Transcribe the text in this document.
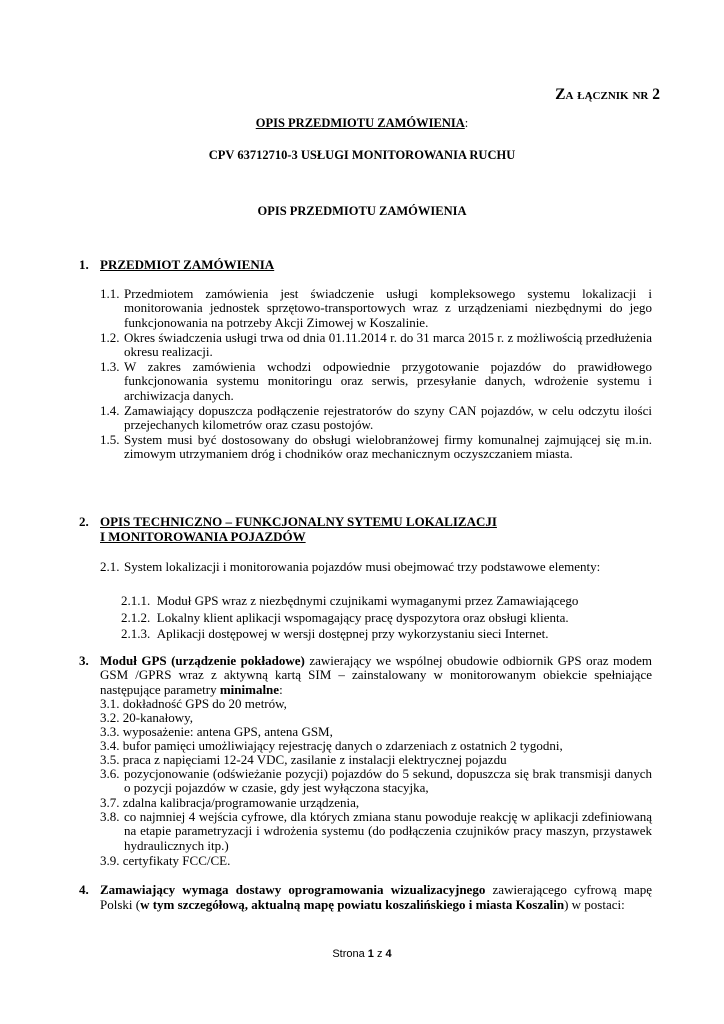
Za łącznik nr 2
OPIS PRZEDMIOTU ZAMÓWIENIA:
CPV 63712710-3 USŁUGI MONITOROWANIA RUCHU
OPIS PRZEDMIOTU ZAMÓWIENIA
1. PRZEDMIOT ZAMÓWIENIA
1.1. Przedmiotem zamówienia jest świadczenie usługi kompleksowego systemu lokalizacji i monitorowania jednostek sprzętowo-transportowych wraz z urządzeniami niezbędnymi do jego funkcjonowania na potrzeby Akcji Zimowej w Koszalinie.
1.2. Okres świadczenia usługi trwa od dnia 01.11.2014 r. do 31 marca 2015 r. z możliwością przedłużenia okresu realizacji.
1.3. W zakres zamówienia wchodzi odpowiednie przygotowanie pojazdów do prawidłowego funkcjonowania systemu monitoringu oraz serwis, przesyłanie danych, wdrożenie systemu i archiwizacja danych.
1.4. Zamawiający dopuszcza podłączenie rejestratorów do szyny CAN pojazdów, w celu odczytu ilości przejechanych kilometrów oraz czasu postojów.
1.5. System musi być dostosowany do obsługi wielobranżowej firmy komunalnej zajmującej się m.in. zimowym utrzymaniem dróg i chodników oraz mechanicznym oczyszczaniem miasta.
2. OPIS TECHNICZNO – FUNKCJONALNY SYTEMU LOKALIZACJI
I MONITOROWANIA POJAZDÓW
2.1. System lokalizacji i monitorowania pojazdów musi obejmować trzy podstawowe elementy:
2.1.1. Moduł GPS wraz z niezbędnymi czujnikami wymaganymi przez Zamawiającego
2.1.2. Lokalny klient aplikacji wspomagający pracę dyspozytora oraz obsługi klienta.
2.1.3. Aplikacji dostępowej w wersji dostępnej przy wykorzystaniu sieci Internet.
3. Moduł GPS (urządzenie pokładowe) zawierający we wspólnej obudowie odbiornik GPS oraz modem GSM /GPRS wraz z aktywną kartą SIM – zainstalowany w monitorowanym obiekcie spełniające następujące parametry minimalne:
3.1. dokładność GPS do 20 metrów,
3.2. 20-kanałowy,
3.3. wyposażenie: antena GPS, antena GSM,
3.4. bufor pamięci umożliwiający rejestrację danych o zdarzeniach z ostatnich 2 tygodni,
3.5. praca z napięciami 12-24 VDC, zasilanie z instalacji elektrycznej pojazdu
3.6. pozycjonowanie (odświeżanie pozycji) pojazdów do 5 sekund, dopuszcza się brak transmisji danych o pozycji pojazdów w czasie, gdy jest wyłączona stacyjka,
3.7. zdalna kalibracja/programowanie urządzenia,
3.8. co najmniej 4 wejścia cyfrowe, dla których zmiana stanu powoduje reakcję w aplikacji zdefiniowaną na etapie parametryzacji i wdrożenia systemu (do podłączenia czujników pracy maszyn, przystawek hydraulicznych itp.)
3.9. certyfikaty FCC/CE.
4. Zamawiający wymaga dostawy oprogramowania wizualizacyjnego zawierającego cyfrową mapę Polski (w tym szczegółową, aktualną mapę powiatu koszalińskiego i miasta Koszalin) w postaci:
Strona 1 z 4
